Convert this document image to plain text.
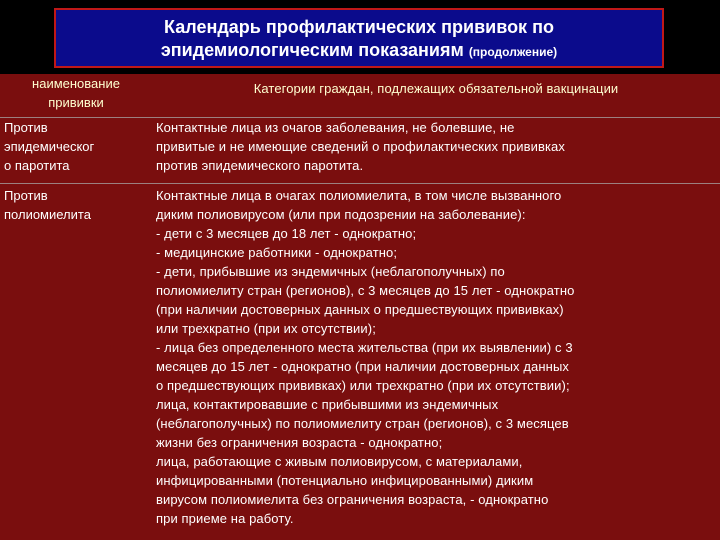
Календарь профилактических прививок по
эпидемиологическим показаниям (продолжение)
наименование
прививки
Категории граждан, подлежащих обязательной вакцинации
Против
эпидемическог
о паротита
Контактные лица из очагов заболевания, не болевшие, не
привитые и не имеющие сведений о профилактических прививках
против эпидемического паротита.
Против
полиомиелита
Контактные лица в очагах полиомиелита, в том числе вызванного
диким полиовирусом (или при подозрении на заболевание):
- дети с 3 месяцев до 18 лет - однократно;
- медицинские работники - однократно;
- дети, прибывшие из эндемичных (неблагополучных) по
полиомиелиту стран (регионов), с 3 месяцев до 15 лет - однократно
(при наличии достоверных данных о предшествующих прививках)
или трехкратно (при их отсутствии);
- лица без определенного места жительства (при их выявлении) с 3
месяцев до 15 лет - однократно (при наличии достоверных данных
о предшествующих прививках) или трехкратно (при их отсутствии);
лица, контактировавшие с прибывшими из эндемичных
(неблагополучных) по полиомиелиту стран (регионов), с 3 месяцев
жизни без ограничения возраста - однократно;
лица, работающие с живым полиовирусом, с материалами,
инфицированными (потенциально инфицированными) диким
вирусом полиомиелита без ограничения возраста, - однократно
при приеме на работу.
